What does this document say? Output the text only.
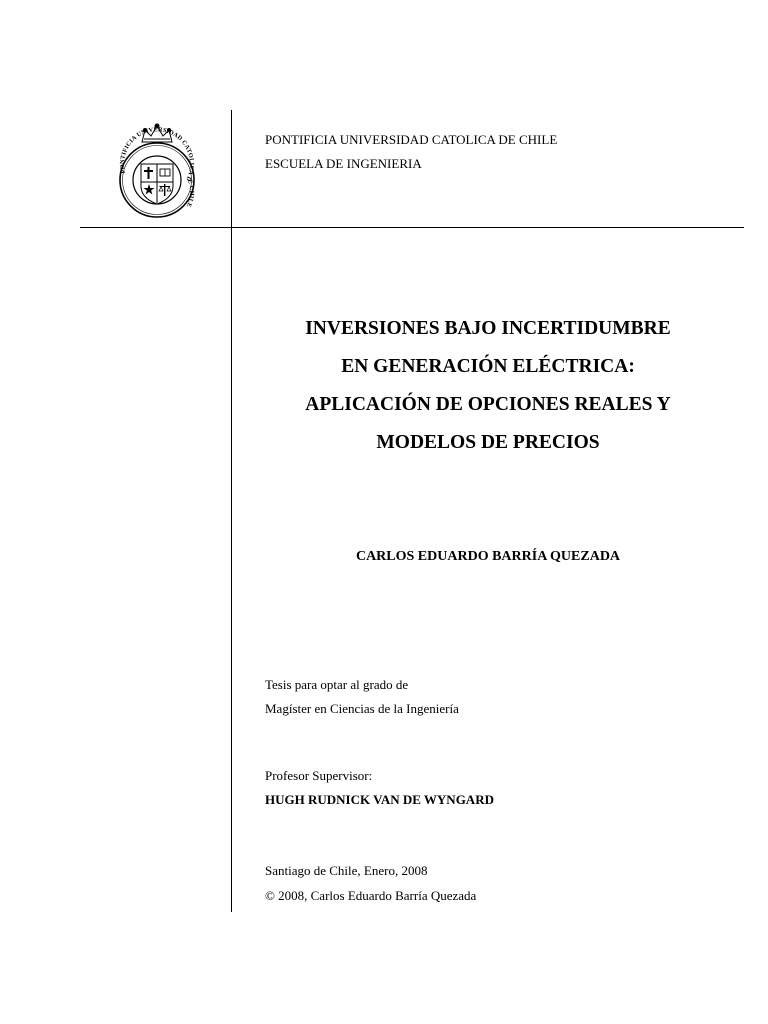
PONTIFICIA UNIVERSIDAD CATOLICA DE CHILE
PONTIFICIA UNIVERSIDAD CATOLICA DE CHILE
ESCUELA DE INGENIERIA
INVERSIONES BAJO INCERTIDUMBRE
EN GENERACIÓN ELÉCTRICA:
APLICACIÓN DE OPCIONES REALES Y
MODELOS DE PRECIOS
CARLOS EDUARDO BARRÍA QUEZADA
Tesis para optar al grado de
Magíster en Ciencias de la Ingeniería
Profesor Supervisor:
HUGH RUDNICK VAN DE WYNGARD
Santiago de Chile, Enero, 2008
© 2008, Carlos Eduardo Barría Quezada
